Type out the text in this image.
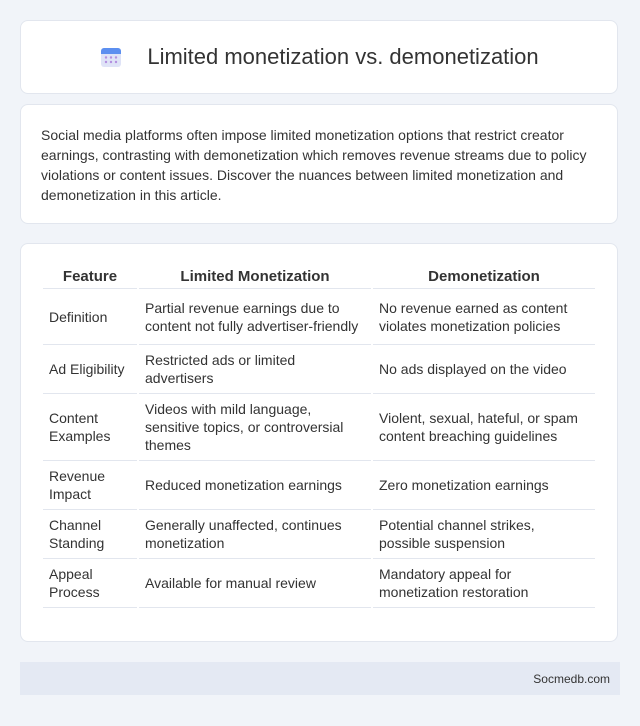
Limited monetization vs. demonetization

Social media platforms often impose limited monetization options that restrict creator earnings, contrasting with demonetization which removes revenue streams due to policy violations or content issues. Discover the nuances between limited monetization and demonetization in this article.

Feature	Limited Monetization	Demonetization
Definition	Partial revenue earnings due to content not fully advertiser-friendly	No revenue earned as content violates monetization policies
Ad Eligibility	Restricted ads or limited advertisers	No ads displayed on the video
Content Examples	Videos with mild language, sensitive topics, or controversial themes	Violent, sexual, hateful, or spam content breaching guidelines
Revenue Impact	Reduced monetization earnings	Zero monetization earnings
Channel Standing	Generally unaffected, continues monetization	Potential channel strikes, possible suspension
Appeal Process	Available for manual review	Mandatory appeal for monetization restoration
Socmedb.com
